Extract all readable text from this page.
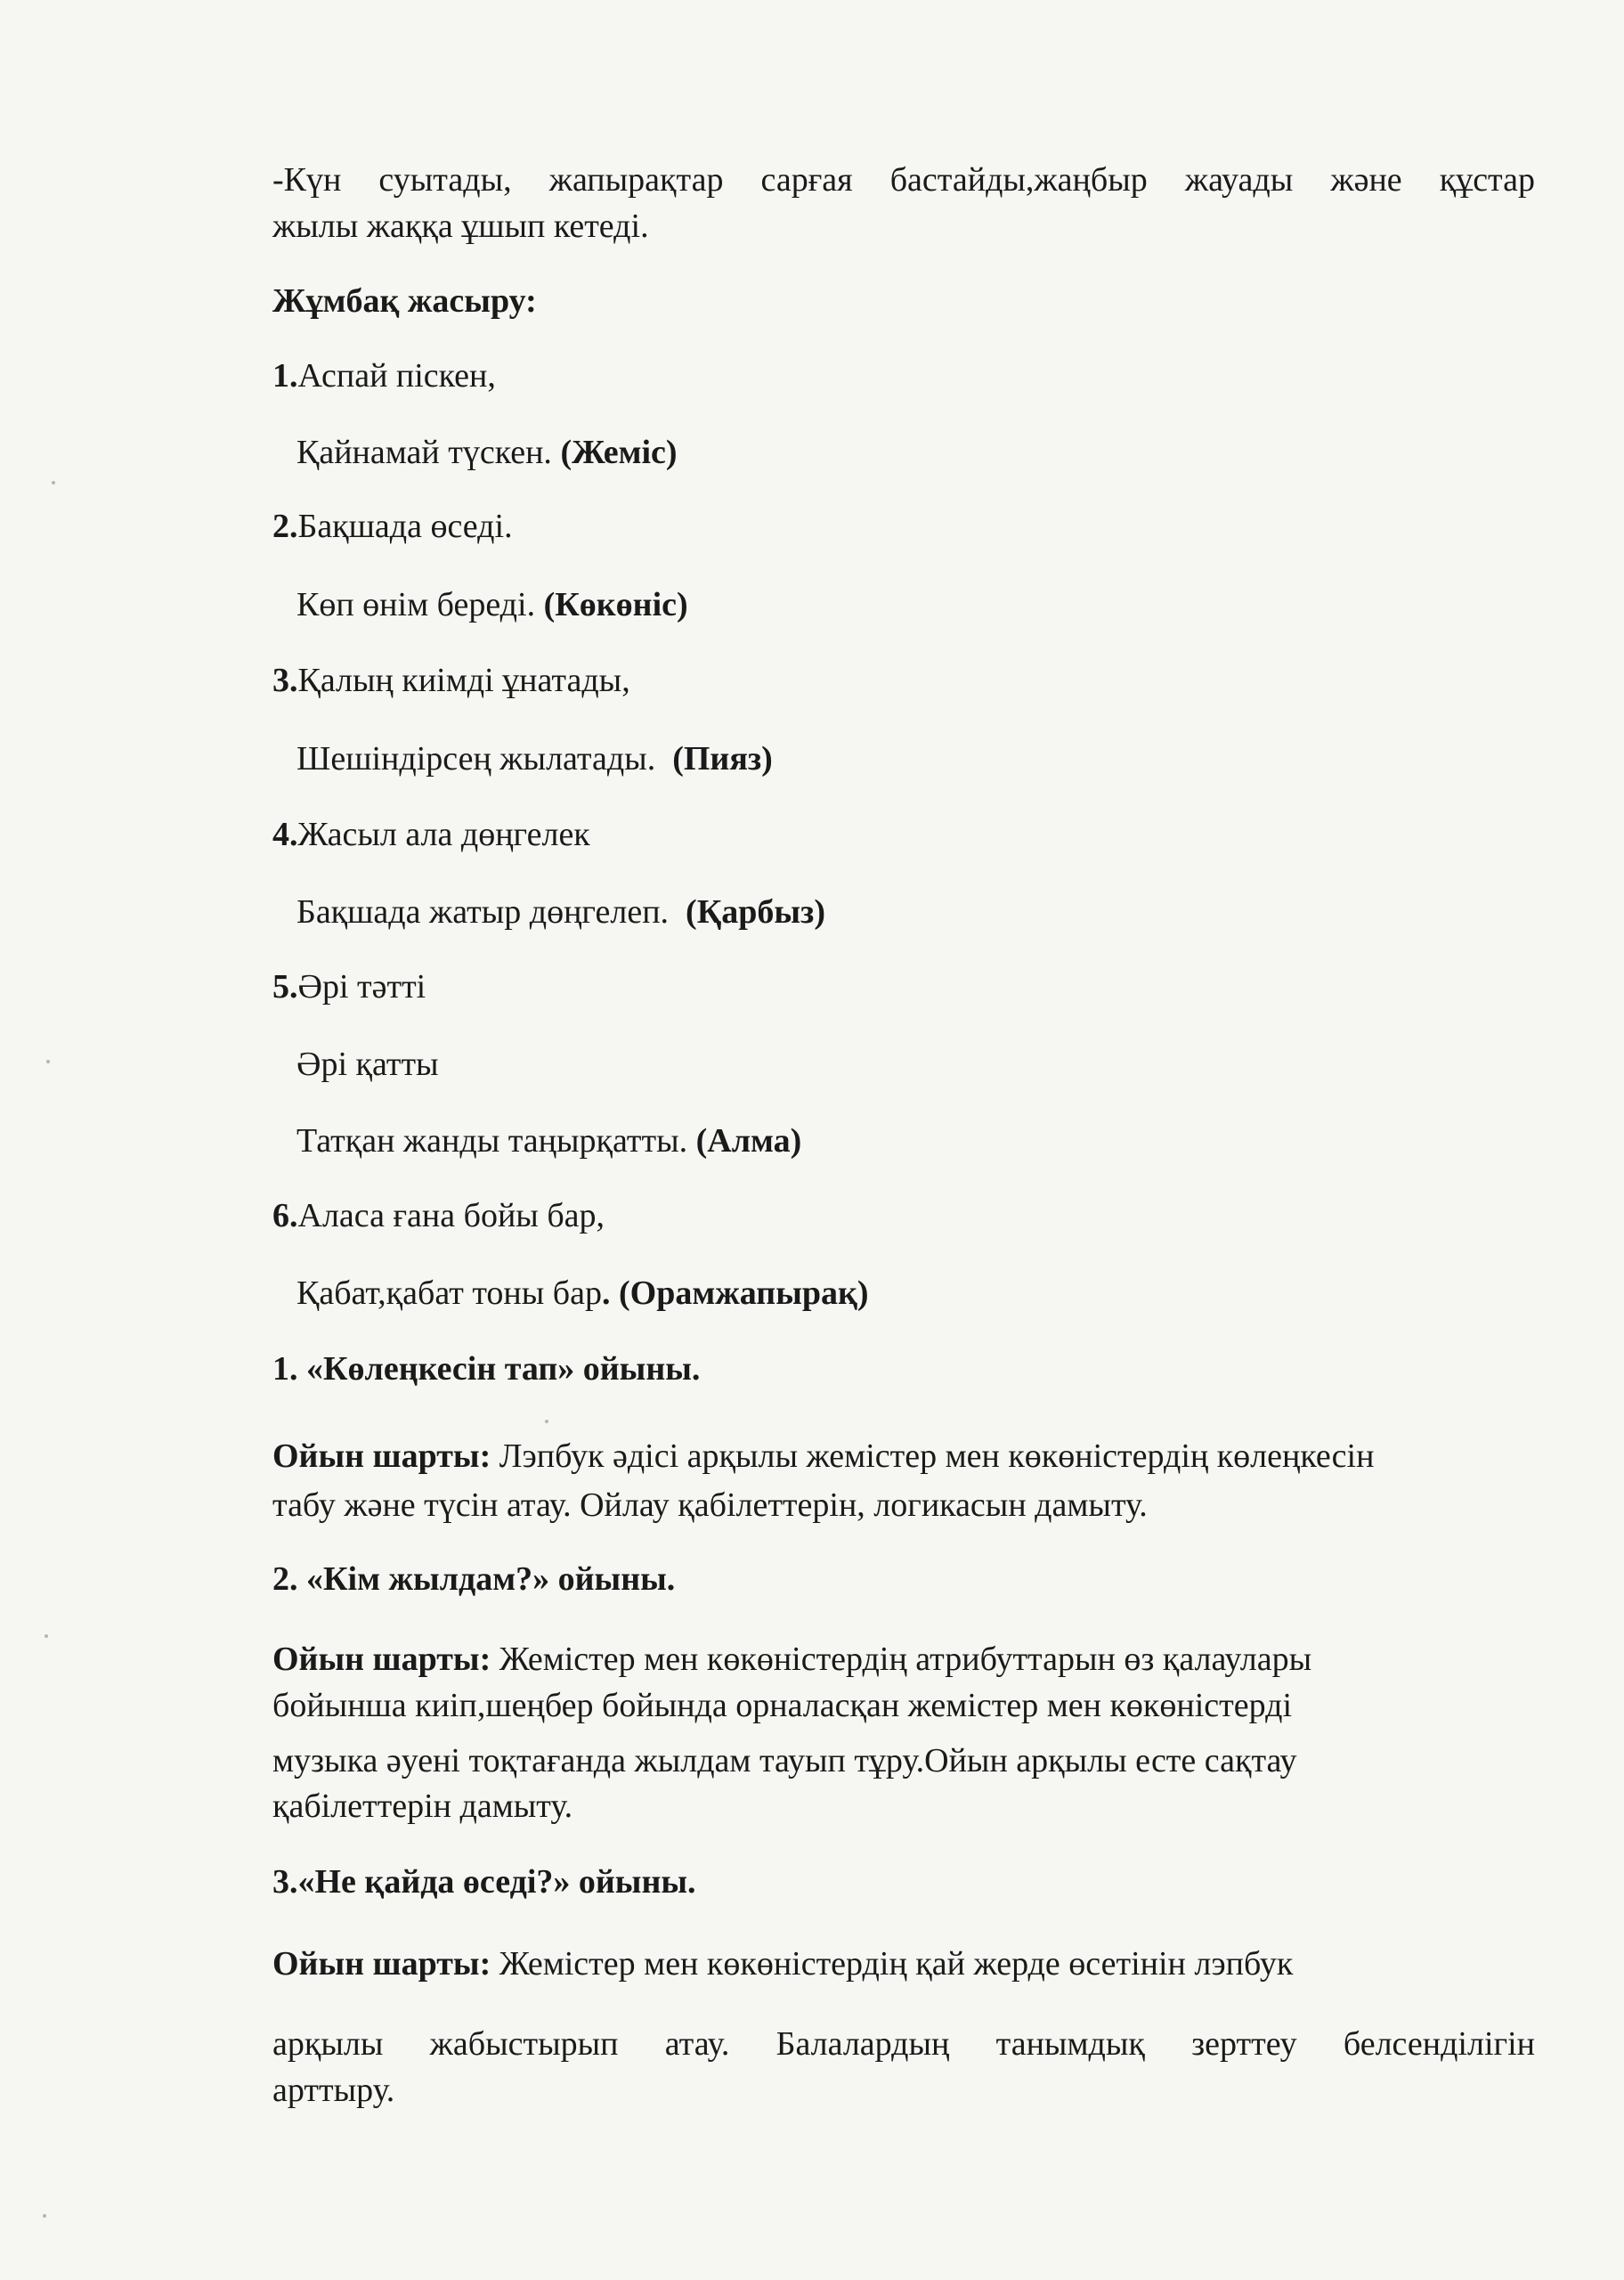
-Күн суытады, жапырақтар сарғая бастайды,жаңбыр жауады және құстар
жылы жаққа ұшып кетеді.
Жұмбақ жасыру:
1.Аспай піскен,
Қайнамай түскен. (Жеміс)
2.Бақшада өседі.
Көп өнім береді. (Көкөніс)
3.Қалың киімді ұнатады,
Шешіндірсең жылатады. (Пияз)
4.Жасыл ала дөңгелек
Бақшада жатыр дөңгелеп. (Қарбыз)
5.Әрі тәтті
Әрі қатты
Татқан жанды таңырқатты. (Алма)
6.Аласа ғана бойы бар,
Қабат,қабат тоны бар. (Орамжапырақ)
1. «Көлеңкесін тап» ойыны.
Ойын шарты: Лэпбук әдісі арқылы жемістер мен көкөністердің көлеңкесін
табу және түсін атау. Ойлау қабілеттерін, логикасын дамыту.
2. «Кім жылдам?» ойыны.
Ойын шарты: Жемістер мен көкөністердің атрибуттарын өз қалаулары
бойынша киіп,шеңбер бойында орналасқан жемістер мен көкөністерді
музыка әуені тоқтағанда жылдам тауып тұру.Ойын арқылы есте сақтау
қабілеттерін дамыту.
3.«Не қайда өседі?» ойыны.
Ойын шарты: Жемістер мен көкөністердің қай жерде өсетінін лэпбук
арқылы жабыстырып атау. Балалардың танымдық зерттеу белсенділігін
арттыру.
